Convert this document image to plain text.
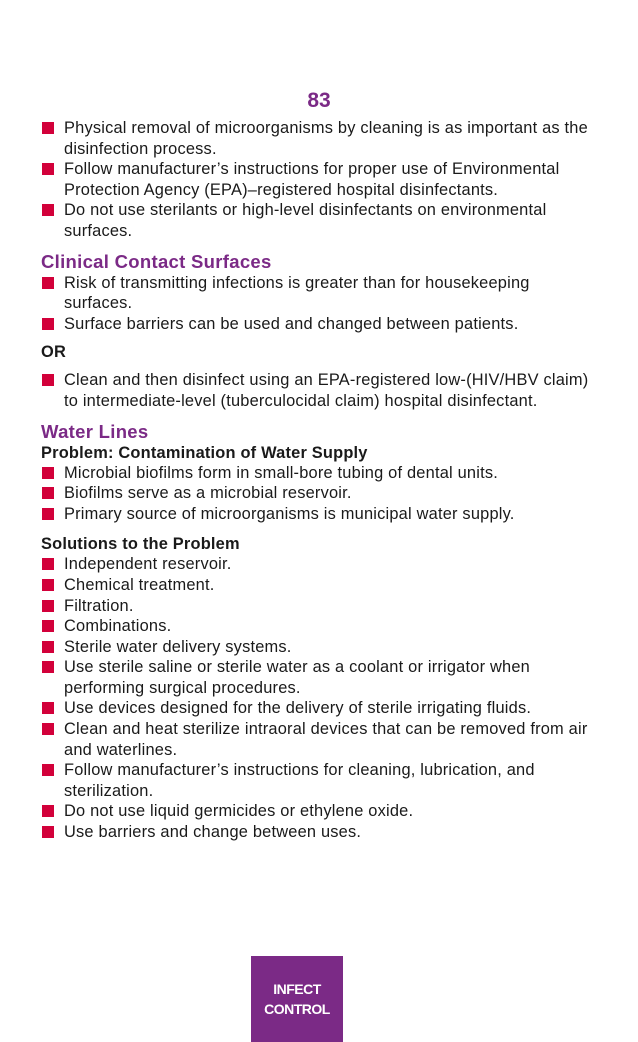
83
Physical removal of microorganisms by cleaning is as important as the disinfection process.
Follow manufacturer’s instructions for proper use of Environmental Protection Agency (EPA)–registered hospital disinfectants.
Do not use sterilants or high-level disinfectants on environmental surfaces.
Clinical Contact Surfaces
Risk of transmitting infections is greater than for housekeeping surfaces.
Surface barriers can be used and changed between patients.
OR
Clean and then disinfect using an EPA-registered low-(HIV/HBV claim) to intermediate-level (tuberculocidal claim) hospital disinfectant.
Water Lines
Problem: Contamination of Water Supply
Microbial biofilms form in small-bore tubing of dental units.
Biofilms serve as a microbial reservoir.
Primary source of microorganisms is municipal water supply.
Solutions to the Problem
Independent reservoir.
Chemical treatment.
Filtration.
Combinations.
Sterile water delivery systems.
Use sterile saline or sterile water as a coolant or irrigator when performing surgical procedures.
Use devices designed for the delivery of sterile irrigating fluids.
Clean and heat sterilize intraoral devices that can be removed from air and waterlines.
Follow manufacturer’s instructions for cleaning, lubrication, and sterilization.
Do not use liquid germicides or ethylene oxide.
Use barriers and change between uses.
INFECT
CONTROL
